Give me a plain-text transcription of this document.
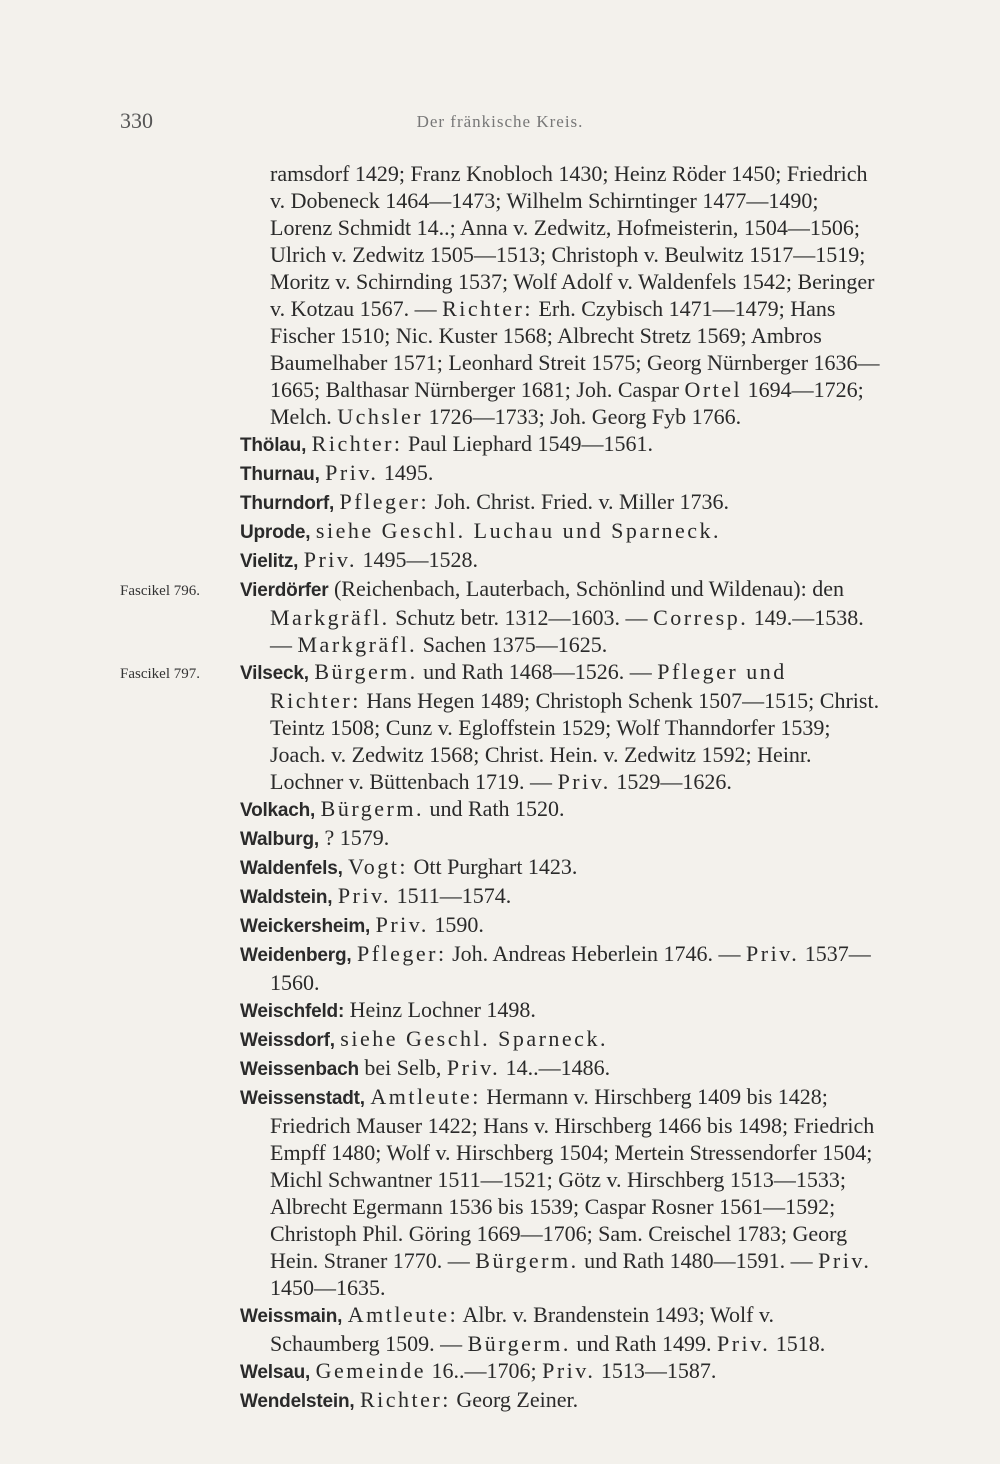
330	Der fränkische Kreis.

ramsdorf 1429; Franz Knobloch 1430; Heinz Röder 1450; Friedrich v. Dobeneck 1464—1473; Wilhelm Schirntinger 1477—1490; Lorenz Schmidt 14..; Anna v. Zedwitz, Hofmeisterin, 1504—1506; Ulrich v. Zedwitz 1505—1513; Christoph v. Beulwitz 1517—1519; Moritz v. Schirnding 1537; Wolf Adolf v. Waldenfels 1542; Beringer v. Kotzau 1567. — Richter: Erh. Czybisch 1471—1479; Hans Fischer 1510; Nic. Kuster 1568; Albrecht Stretz 1569; Ambros Baumelhaber 1571; Leonhard Streit 1575; Georg Nürnberger 1636—1665; Balthasar Nürnberger 1681; Joh. Caspar Ortel 1694—1726; Melch. Uchsler 1726—1733; Joh. Georg Fyb 1766.

Thölau, Richter: Paul Liephard 1549—1561.

Thurnau, Priv. 1495.

Thurndorf, Pfleger: Joh. Christ. Fried. v. Miller 1736.

Uprode, siehe Geschl. Luchau und Sparneck.

Vielitz, Priv. 1495—1528.

Fascikel 796. Vierdörfer (Reichenbach, Lauterbach, Schönlind und Wildenau): den Markgräfl. Schutz betr. 1312—1603. — Corresp. 149.—1538. — Markgräfl. Sachen 1375—1625.

Fascikel 797. Vilseck, Bürgerm. und Rath 1468—1526. — Pfleger und Richter: Hans Hegen 1489; Christoph Schenk 1507—1515; Christ. Teintz 1508; Cunz v. Egloffstein 1529; Wolf Thanndorfer 1539; Joach. v. Zedwitz 1568; Christ. Hein. v. Zedwitz 1592; Heinr. Lochner v. Büttenbach 1719. — Priv. 1529—1626.

Volkach, Bürgerm. und Rath 1520.

Walburg, ? 1579.

Waldenfels, Vogt: Ott Purghart 1423.

Waldstein, Priv. 1511—1574.

Weickersheim, Priv. 1590.

Weidenberg, Pfleger: Joh. Andreas Heberlein 1746. — Priv. 1537—1560.

Weischfeld: Heinz Lochner 1498.

Weissdorf, siehe Geschl. Sparneck.

Weissenbach bei Selb, Priv. 14..—1486.

Weissenstadt, Amtleute: Hermann v. Hirschberg 1409 bis 1428; Friedrich Mauser 1422; Hans v. Hirschberg 1466 bis 1498; Friedrich Empff 1480; Wolf v. Hirschberg 1504; Mertein Stressendorfer 1504; Michl Schwantner 1511—1521; Götz v. Hirschberg 1513—1533; Albrecht Egermann 1536 bis 1539; Caspar Rosner 1561—1592; Christoph Phil. Göring 1669—1706; Sam. Creischel 1783; Georg Hein. Straner 1770. — Bürgerm. und Rath 1480—1591. — Priv. 1450—1635.

Weissmain, Amtleute: Albr. v. Brandenstein 1493; Wolf v. Schaumberg 1509. — Bürgerm. und Rath 1499. Priv. 1518.

Welsau, Gemeinde 16..—1706; Priv. 1513—1587.

Wendelstein, Richter: Georg Zeiner.
